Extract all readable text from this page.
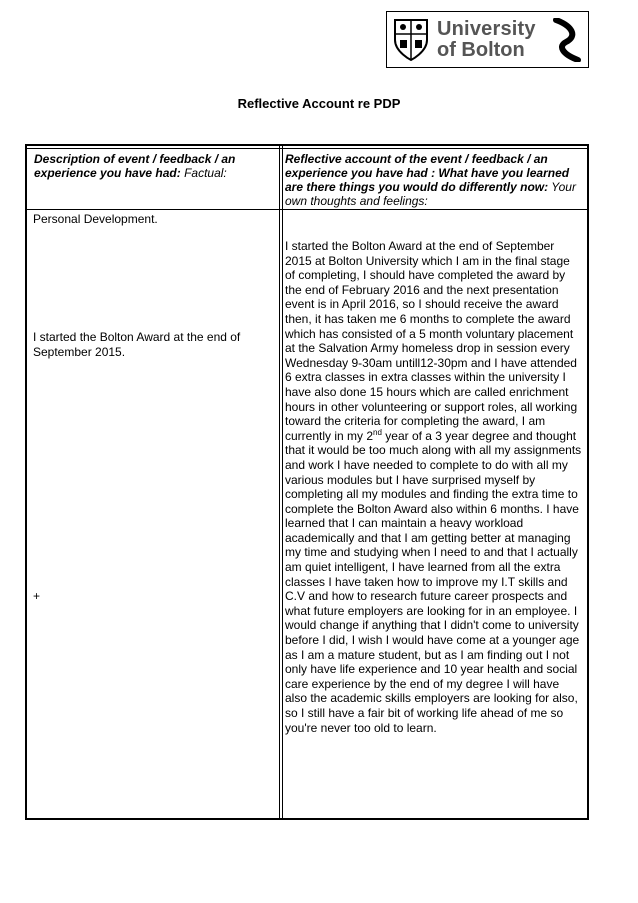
University
of Bolton
Reflective Account re PDP
Description of event / feedback / an experience you have had: Factual:
Reflective account of the event / feedback / an experience you have had : What have you learned are there things you would do differently now: Your own thoughts and feelings:
Personal Development.
I started the Bolton Award at the end of September 2015.
+
I started the Bolton Award at the end of September 2015 at Bolton University which I am in the final stage of completing, I should have completed the award by the end of February 2016 and the next presentation event is in April 2016, so I should receive the award then, it has taken me 6 months to complete the award which has consisted of a 5 month voluntary placement at the Salvation Army homeless drop in session every Wednesday 9-30am untill12-30pm and I have attended 6 extra classes in extra classes within the university I have also done 15 hours which are called enrichment hours in other volunteering or support roles, all working toward the criteria for completing the award, I am currently in my 2nd year of a 3 year degree and thought that it would be too much along with all my assignments and work I have needed to complete to do with all my various modules but I have surprised myself by completing all my modules and finding the extra time to complete the Bolton Award also within 6 months. I have learned that I can maintain a heavy workload academically and that I am getting better at managing my time and studying when I need to and that I actually am quiet intelligent, I have learned from all the extra classes I have taken how to improve my I.T skills and C.V and how to research future career prospects and what future employers are looking for in an employee. I would change if anything that I didn't come to university before I did, I wish I would have come at a younger age as I am a mature student, but as I am finding out I not only have life experience and 10 year health and social care experience by the end of my degree I will have also the academic skills employers are looking for also, so I still have a fair bit of working life ahead of me so you're never too old to learn.
